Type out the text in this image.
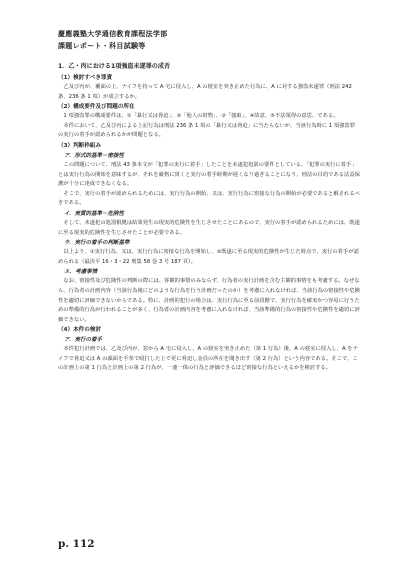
慶應義塾大学通信教育課程法学部
課題レポート・科目試験等
1．乙・丙における1項強盗未遂罪の成否
（1）検討すべき罪責
乙及び丙が、覆面の上、ナイフを持って A 宅に侵入し、A の寝室を突き止めた行為に、A に対する強盗未遂罪（刑法 242 条、236 条 1 項）が成立するか。
（2）構成要件及び問題の所在
1 項強盗罪の構成要件は、①「暴行又は脅迫」、②「他人の財物」、③「強取」、④故意、⑤不法領得の意思、である。
本件において、乙及び丙による上記行為は刑法 236 条 1 項の「暴行又は脅迫」に当たらないが、当該行為時に 1 項強盗罪の実行の着手が認められるかが問題となる。
（3）判断枠組み
ア．形式的基準－密接性
この問題について、刑法 43 条本文が「犯罪の実行に着手」したことを未遂犯処罰の要件としている。「犯罪の実行に着手」とは実行行為の開始を意味するが、それを厳格に貫くと実行の着手時期が遅くなり過ぎることになり、刑法の目的である法益保護が十分に達成できなくなる。
そこで、実行の着手が認められるためには、実行行為の開始、又は、実行行為に密接な行為の開始が必要であると解されるべきである。
イ．実質的基準－危険性
そして、未遂犯の処罰根拠は結果発生の現実的危険性を生じさせたことにあるので、実行の着手が認められるためには、既遂に至る現実的危険性を生じさせたことが必要である。
ウ．実行の着手の判断基準
以上より、①実行行為、又は、実行行為に密接な行為を開始し、②既遂に至る現実的危険性が生じた時点で、実行の着手が認められる（最決平 16・3・22 刑集 58 巻 3 号 187 頁）。
エ．考慮事情
なお、密接性及び危険性の判断の際には、客観的事情のみならず、行為者の実行計画を含む主観的事情をも考慮する。なぜなら、行為者の計画内容（当該行為後にどのような行為を行う計画だったのか）を考慮に入れなければ、当該行為の密接性や危険性を適切に評価できないからである。特に、計画的犯行の場合は、実行行為に至る前段階で、実行行為を確実かつ容易に行うための準備的行為が行われることが多く、行為者の計画内容を考慮に入れなければ、当該準備的行為の密接性や危険性を適切に評価できない。
（4）本件の検討
ア．実行の着手
本件犯行計画では、乙及び丙が、窓から A 宅に侵入し、A の寝室を突き止めた（第 1 行為）後、A の寝室に侵入し、A をナイフで脅迫又は A の顔面を手拳で殴打した上で更に脅迫し金員の所在を聞き出す（第 2 行為）という内容である。そこで、この計画上の第 1 行為と計画上の第 2 行為が、一連一体の行為と評価できるほど密接な行為といえるかを検討する。
p. 112
